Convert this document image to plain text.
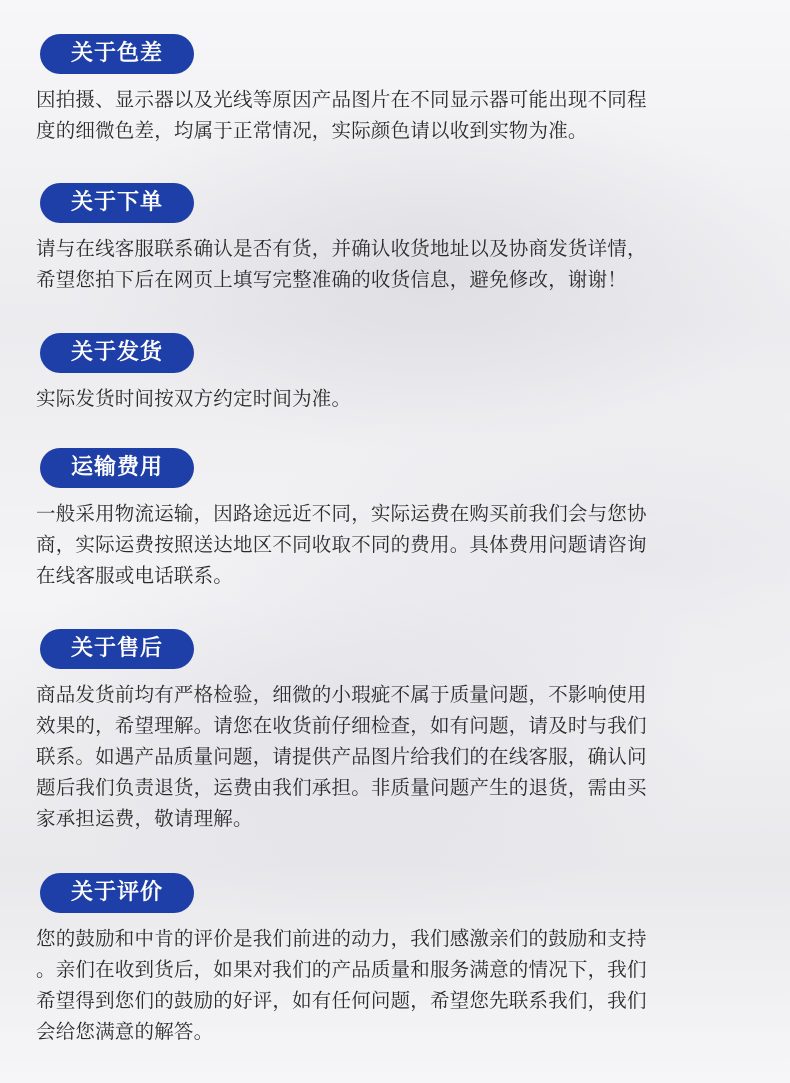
关于色差
因拍摄、显示器以及光线等原因产品图片在不同显示器可能出现不同程
度的细微色差，均属于正常情况，实际颜色请以收到实物为准。
关于下单
请与在线客服联系确认是否有货，并确认收货地址以及协商发货详情，
希望您拍下后在网页上填写完整准确的收货信息，避免修改，谢谢！
关于发货
实际发货时间按双方约定时间为准。
运输费用
一般采用物流运输，因路途远近不同，实际运费在购买前我们会与您协
商，实际运费按照送达地区不同收取不同的费用。具体费用问题请咨询
在线客服或电话联系。
关于售后
商品发货前均有严格检验，细微的小瑕疵不属于质量问题，不影响使用
效果的，希望理解。请您在收货前仔细检查，如有问题，请及时与我们
联系。如遇产品质量问题，请提供产品图片给我们的在线客服，确认问
题后我们负责退货，运费由我们承担。非质量问题产生的退货，需由买
家承担运费，敬请理解。
关于评价
您的鼓励和中肯的评价是我们前进的动力，我们感激亲们的鼓励和支持
。亲们在收到货后，如果对我们的产品质量和服务满意的情况下，我们
希望得到您们的鼓励的好评，如有任何问题，希望您先联系我们，我们
会给您满意的解答。
